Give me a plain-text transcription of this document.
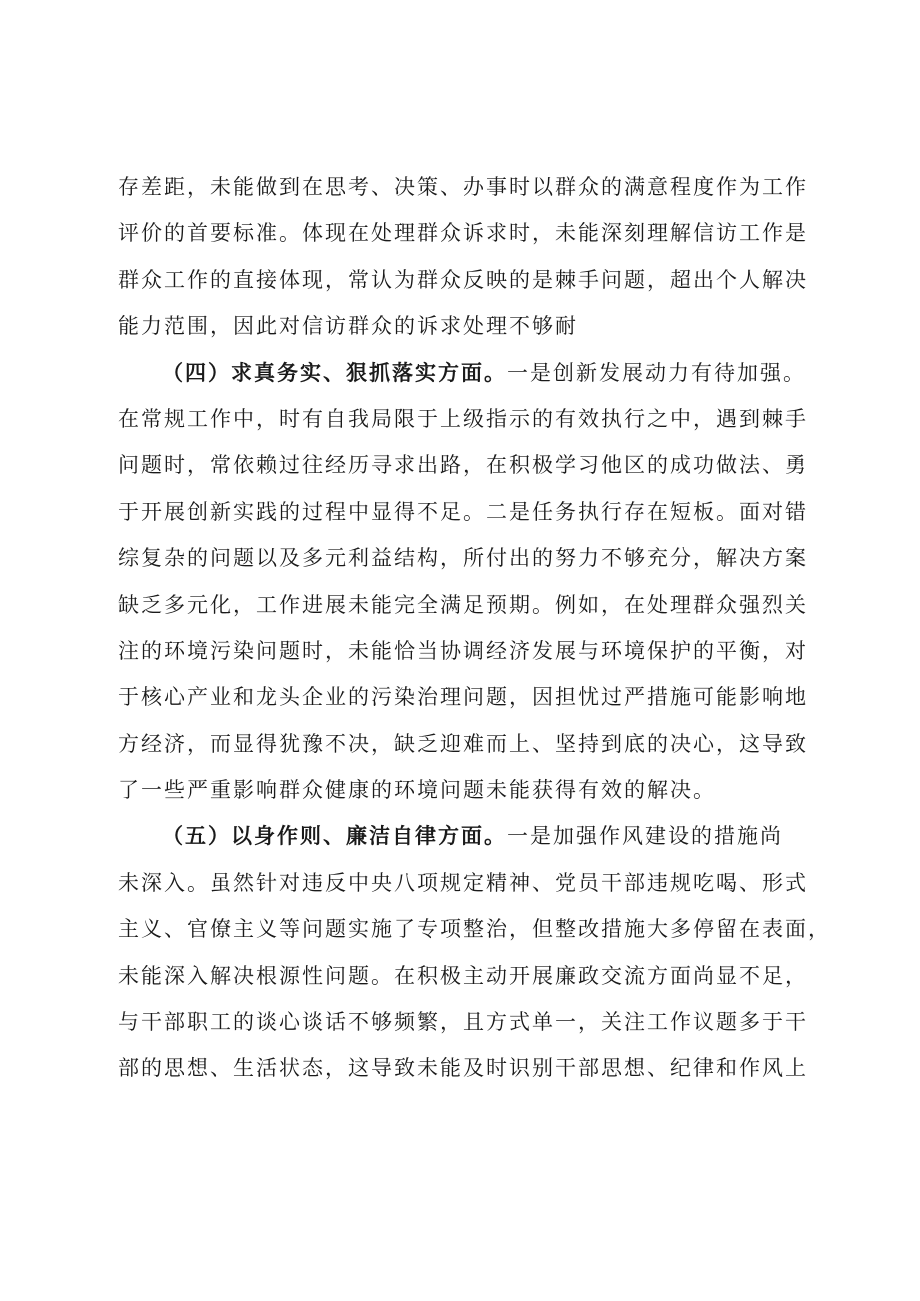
存差距，未能做到在思考、决策、办事时以群众的满意程度作为工作
评价的首要标准。体现在处理群众诉求时，未能深刻理解信访工作是
群众工作的直接体现，常认为群众反映的是棘手问题，超出个人解决
能力范围，因此对信访群众的诉求处理不够耐
（四）求真务实、狠抓落实方面。一是创新发展动力有待加强。
在常规工作中，时有自我局限于上级指示的有效执行之中，遇到棘手
问题时，常依赖过往经历寻求出路，在积极学习他区的成功做法、勇
于开展创新实践的过程中显得不足。二是任务执行存在短板。面对错
综复杂的问题以及多元利益结构，所付出的努力不够充分，解决方案
缺乏多元化，工作进展未能完全满足预期。例如，在处理群众强烈关
注的环境污染问题时，未能恰当协调经济发展与环境保护的平衡，对
于核心产业和龙头企业的污染治理问题，因担忧过严措施可能影响地
方经济，而显得犹豫不决，缺乏迎难而上、坚持到底的决心，这导致
了一些严重影响群众健康的环境问题未能获得有效的解决。
（五）以身作则、廉洁自律方面。一是加强作风建设的措施尚
未深入。虽然针对违反中央八项规定精神、党员干部违规吃喝、形式
主义、官僚主义等问题实施了专项整治，但整改措施大多停留在表面，
未能深入解决根源性问题。在积极主动开展廉政交流方面尚显不足，
与干部职工的谈心谈话不够频繁，且方式单一，关注工作议题多于干
部的思想、生活状态，这导致未能及时识别干部思想、纪律和作风上
